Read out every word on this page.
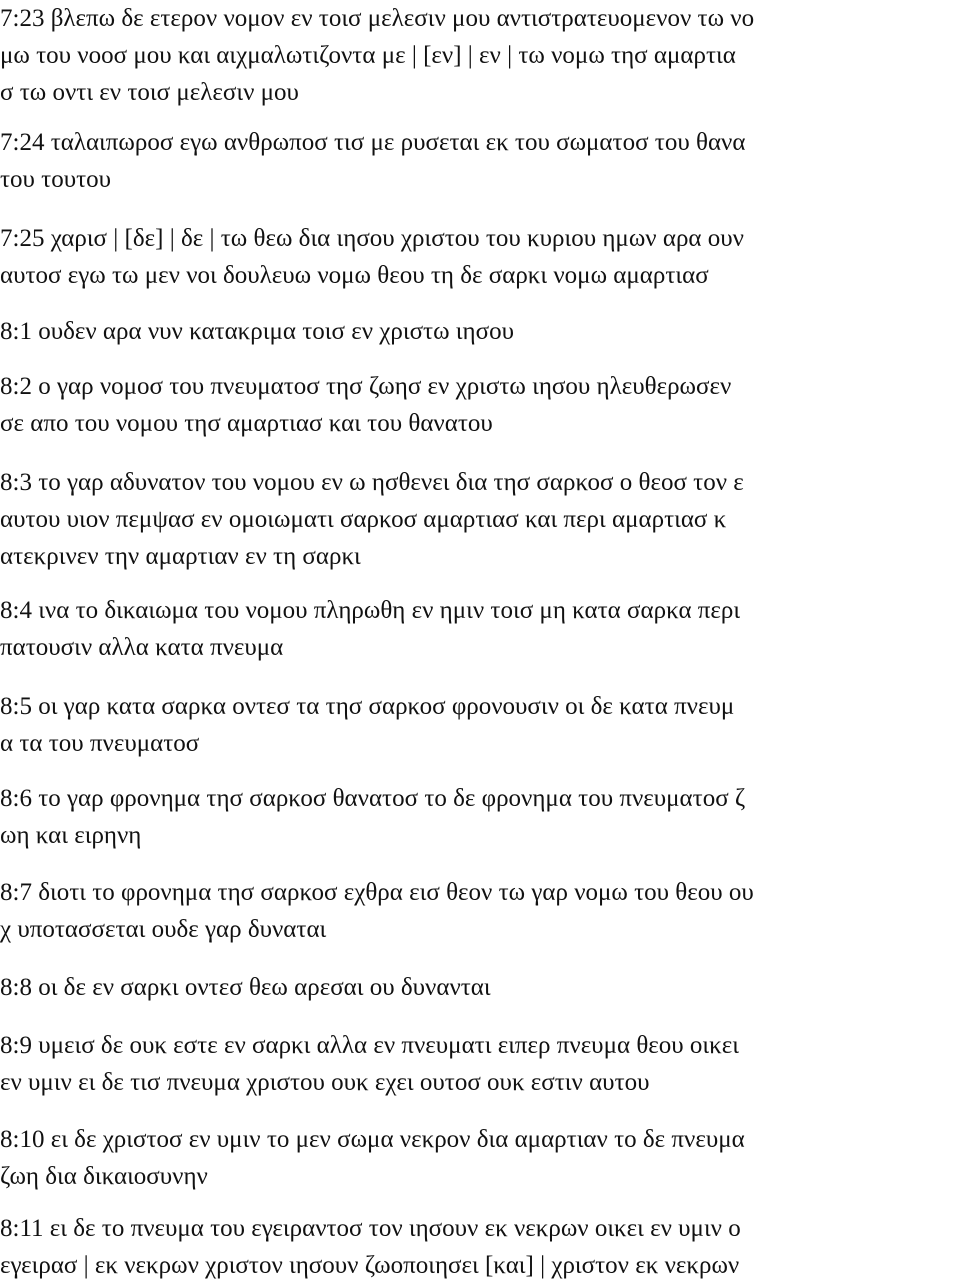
7:23 βλεπω δε ετερον νομον εν τοισ μελεσιν μου αντιστρατευομενον τω νο
μω του νοοσ μου και αιχμαλωτιζοντα με | [εν] | εν | τω νομω τησ αμαρτια
σ τω οντι εν τοισ μελεσιν μου

7:24 ταλαιπωροσ εγω ανθρωποσ τισ με ρυσεται εκ του σωματοσ του θανα
του τουτου

7:25 χαρισ | [δε] | δε | τω θεω δια ιησου χριστου του κυριου ημων αρα ουν
αυτοσ εγω τω μεν νοι δουλευω νομω θεου τη δε σαρκι νομω αμαρτιασ

8:1 ουδεν αρα νυν κατακριμα τοισ εν χριστω ιησου

8:2 ο γαρ νομοσ του πνευματοσ τησ ζωησ εν χριστω ιησου ηλευθερωσεν
σε απο του νομου τησ αμαρτιασ και του θανατου

8:3 το γαρ αδυνατον του νομου εν ω ησθενει δια τησ σαρκοσ ο θεοσ τον ε
αυτου υιον πεμψασ εν ομοιωματι σαρκοσ αμαρτιασ και περι αμαρτιασ κ
ατεκρινεν την αμαρτιαν εν τη σαρκι

8:4 ινα το δικαιωμα του νομου πληρωθη εν ημιν τοισ μη κατα σαρκα περι
πατουσιν αλλα κατα πνευμα

8:5 οι γαρ κατα σαρκα οντεσ τα τησ σαρκοσ φρονουσιν οι δε κατα πνευμ
α τα του πνευματοσ

8:6 το γαρ φρονημα τησ σαρκοσ θανατοσ το δε φρονημα του πνευματοσ ζ
ωη και ειρηνη

8:7 διοτι το φρονημα τησ σαρκοσ εχθρα εισ θεον τω γαρ νομω του θεου ου
χ υποτασσεται ουδε γαρ δυναται

8:8 οι δε εν σαρκι οντεσ θεω αρεσαι ου δυνανται

8:9 υμεισ δε ουκ εστε εν σαρκι αλλα εν πνευματι ειπερ πνευμα θεου οικει
εν υμιν ει δε τισ πνευμα χριστου ουκ εχει ουτοσ ουκ εστιν αυτου

8:10 ει δε χριστοσ εν υμιν το μεν σωμα νεκρον δια αμαρτιαν το δε πνευμα
ζωη δια δικαιοσυνην

8:11 ει δε το πνευμα του εγειραντοσ τον ιησουν εκ νεκρων οικει εν υμιν ο
εγειρασ | εκ νεκρων χριστον ιησουν ζωοποιησει [και] | χριστον εκ νεκρων
